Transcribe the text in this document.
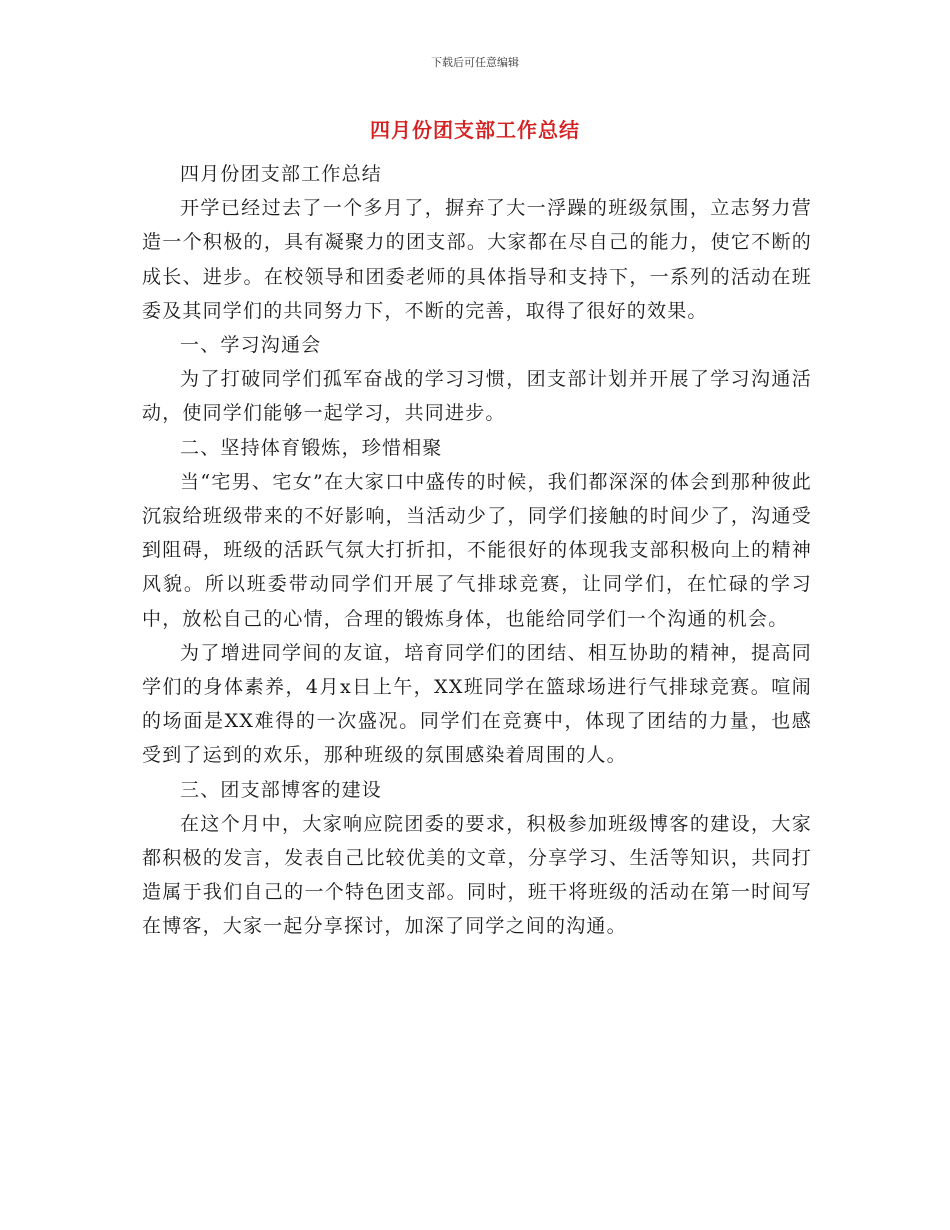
下载后可任意编辑
四月份团支部工作总结

四月份团支部工作总结

开学已经过去了一个多月了，摒弃了大一浮躁的班级氛围，立志努力营造一个积极的，具有凝聚力的团支部。大家都在尽自己的能力，使它不断的成长、进步。在校领导和团委老师的具体指导和支持下，一系列的活动在班委及其同学们的共同努力下，不断的完善，取得了很好的效果。

一、学习沟通会

为了打破同学们孤军奋战的学习习惯，团支部计划并开展了学习沟通活动，使同学们能够一起学习，共同进步。

二、坚持体育锻炼，珍惜相聚

当“宅男、宅女”在大家口中盛传的时候，我们都深深的体会到那种彼此沉寂给班级带来的不好影响，当活动少了，同学们接触的时间少了，沟通受到阻碍，班级的活跃气氛大打折扣，不能很好的体现我支部积极向上的精神风貌。所以班委带动同学们开展了气排球竞赛，让同学们，在忙碌的学习中，放松自己的心情，合理的锻炼身体，也能给同学们一个沟通的机会。

为了增进同学间的友谊，培育同学们的团结、相互协助的精神，提高同学们的身体素养，4月x日上午，XX班同学在篮球场进行气排球竞赛。喧闹的场面是XX难得的一次盛况。同学们在竞赛中，体现了团结的力量，也感受到了运到的欢乐，那种班级的氛围感染着周围的人。

三、团支部博客的建设

在这个月中，大家响应院团委的要求，积极参加班级博客的建设，大家都积极的发言，发表自己比较优美的文章，分享学习、生活等知识，共同打造属于我们自己的一个特色团支部。同时，班干将班级的活动在第一时间写在博客，大家一起分享探讨，加深了同学之间的沟通。
